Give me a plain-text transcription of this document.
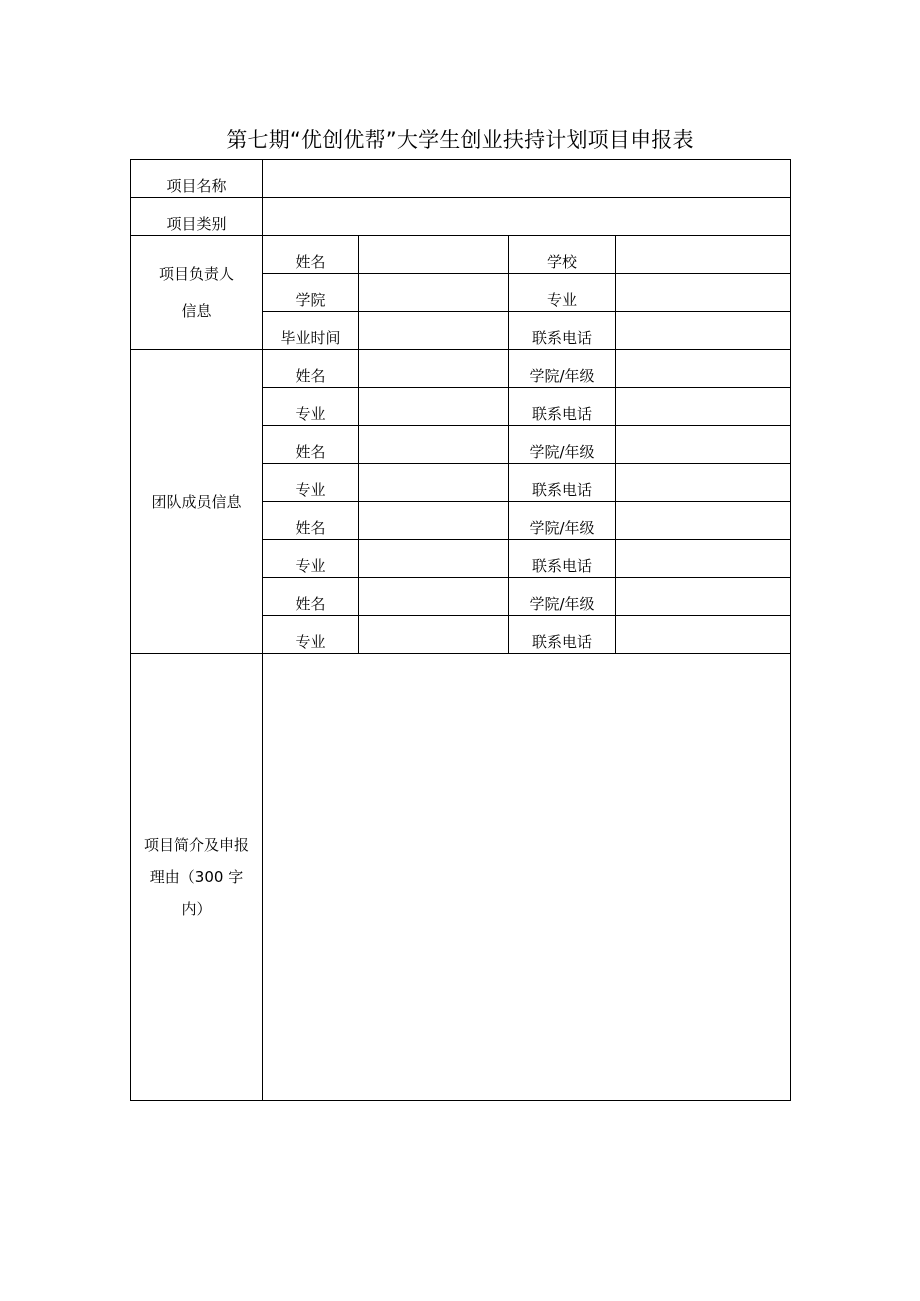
第七期“优创优帮”大学生创业扶持计划项目申报表
项目名称				
项目类别				

项目负责人
信息	姓名		学校	
	学院		专业	
	毕业时间		联系电话	
团队成员信息	姓名		学院/年级	
	专业		联系电话	
	姓名		学院/年级	
	专业		联系电话	
	姓名		学院/年级	
	专业		联系电话	
	姓名		学院/年级	
	专业		联系电话	

项目简介及申报
理由（300 字
内）				
